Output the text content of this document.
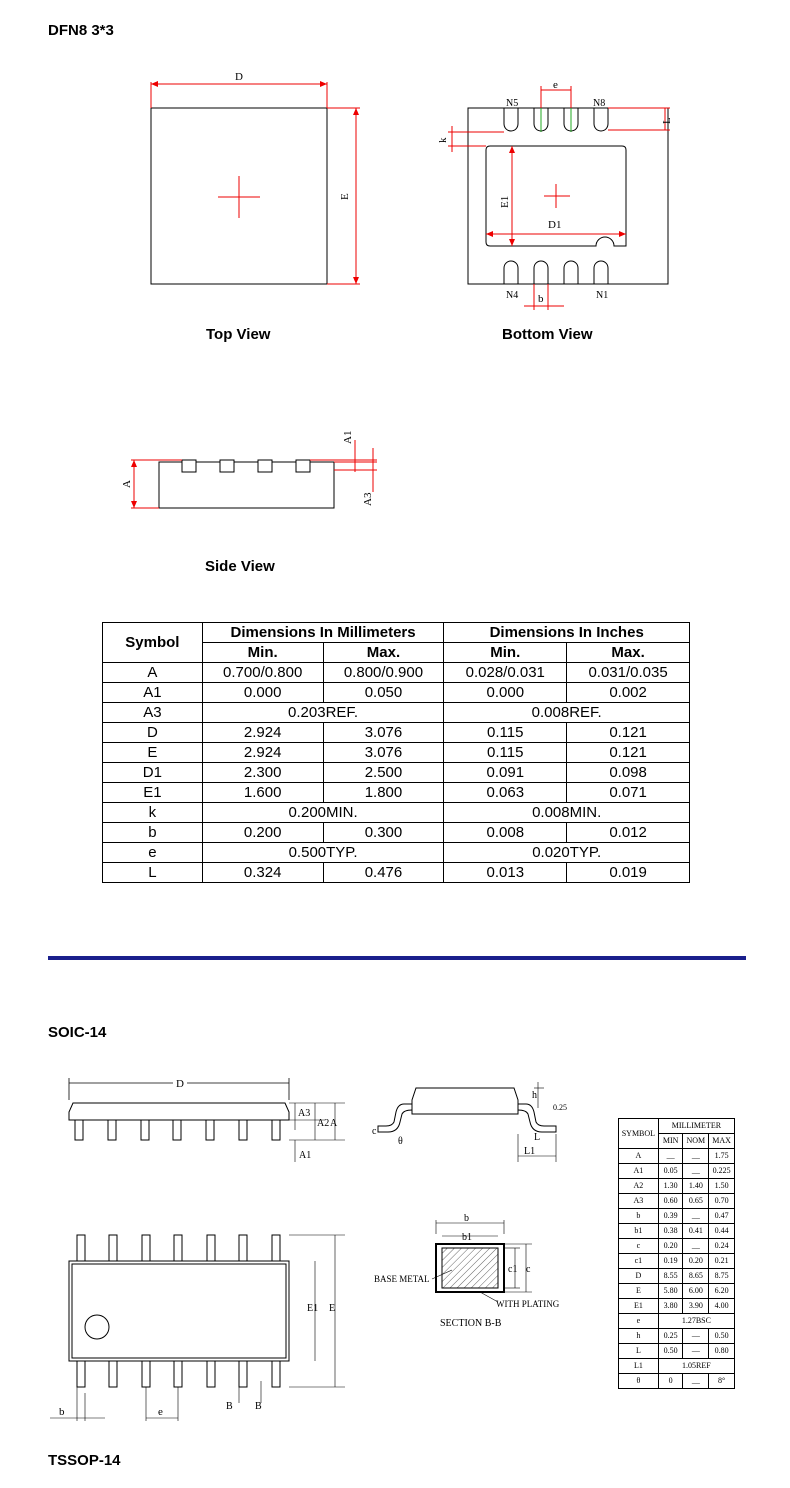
DFN8 3*3
D
E
Top View
e
N5	N8
k
L
E1
D1
b
N4	N1
Bottom View
A
A1
A3
Side View
Symbol	Dimensions In Millimeters		Dimensions In Inches	
	Min.	Max.	Min.	Max.
A	0.700/0.800	0.800/0.900	0.028/0.031	0.031/0.035
A1	0.000	0.050	0.000	0.002
A3	0.203REF.		0.008REF.	
D	2.924	3.076	0.115	0.121
E	2.924	3.076	0.115	0.121
D1	2.300	2.500	0.091	0.098
E1	1.600	1.800	0.063	0.071
k	0.200MIN.		0.008MIN.	
b	0.200	0.300	0.008	0.012
e	0.500TYP.		0.020TYP.	
L	0.324	0.476	0.013	0.019
SOIC-14
D
A3
A2 A
A1
c
θ
h
0.25
L
L1
SYMBOL	MILLIMETER		
	MIN	NOM	MAX
A	__	__	1.75
A1	0.05	__	0.225
A2	1.30	1.40	1.50
A3	0.60	0.65	0.70
b	0.39	__	0.47
b1	0.38	0.41	0.44
c	0.20	__	0.24
c1	0.19	0.20	0.21
D	8.55	8.65	8.75
E	5.80	6.00	6.20
E1	3.80	3.90	4.00
e	1.27BSC		
h	0.25	—	0.50
L	0.50	—	0.80
L1	1.05REF		
θ	0	__	8°
E1 E
b	e	B B
b
b1
c1 c
BASE METAL
WITH PLATING
SECTION B-B
TSSOP-14
